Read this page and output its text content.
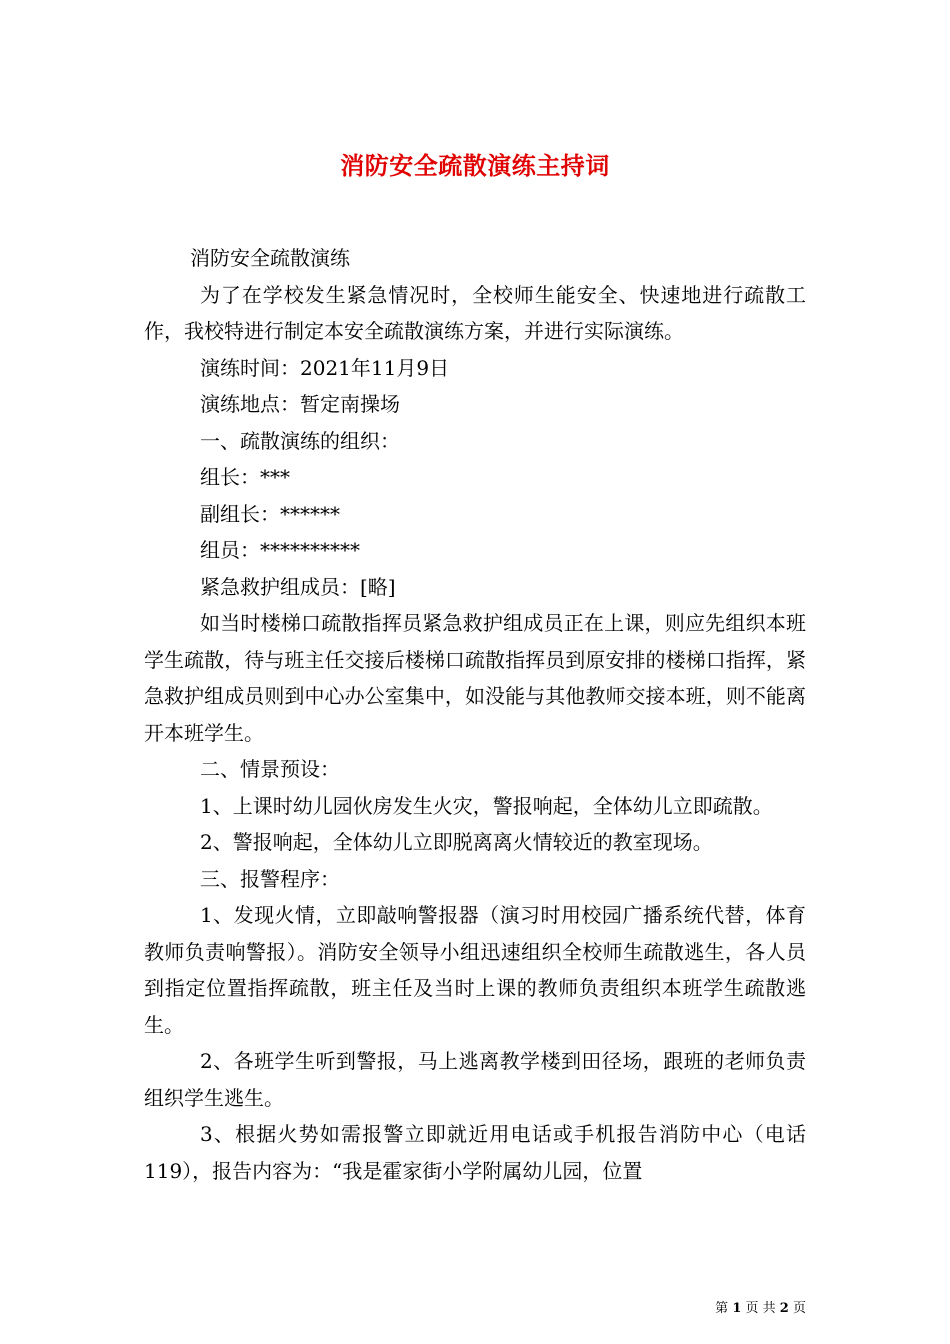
消防安全疏散演练主持词

消防安全疏散演练

为了在学校发生紧急情况时，全校师生能安全、快速地进行疏散工作，我校特进行制定本安全疏散演练方案，并进行实际演练。

演练时间：2021年11月9日

演练地点：暂定南操场

一、疏散演练的组织：

组长：***

副组长：******

组员：**********

紧急救护组成员：[略]

如当时楼梯口疏散指挥员紧急救护组成员正在上课，则应先组织本班学生疏散，待与班主任交接后楼梯口疏散指挥员到原安排的楼梯口指挥，紧急救护组成员则到中心办公室集中，如没能与其他教师交接本班，则不能离开本班学生。

二、情景预设：

1、上课时幼儿园伙房发生火灾，警报响起，全体幼儿立即疏散。

2、警报响起，全体幼儿立即脱离离火情较近的教室现场。

三、报警程序：

1、发现火情，立即敲响警报器（演习时用校园广播系统代替，体育教师负责响警报）。消防安全领导小组迅速组织全校师生疏散逃生，各人员到指定位置指挥疏散，班主任及当时上课的教师负责组织本班学生疏散逃生。

2、各班学生听到警报，马上逃离教学楼到田径场，跟班的老师负责组织学生逃生。

3、根据火势如需报警立即就近用电话或手机报告消防中心（电话119），报告内容为：“我是霍家街小学附属幼儿园，位置

第 1 页 共 2 页
